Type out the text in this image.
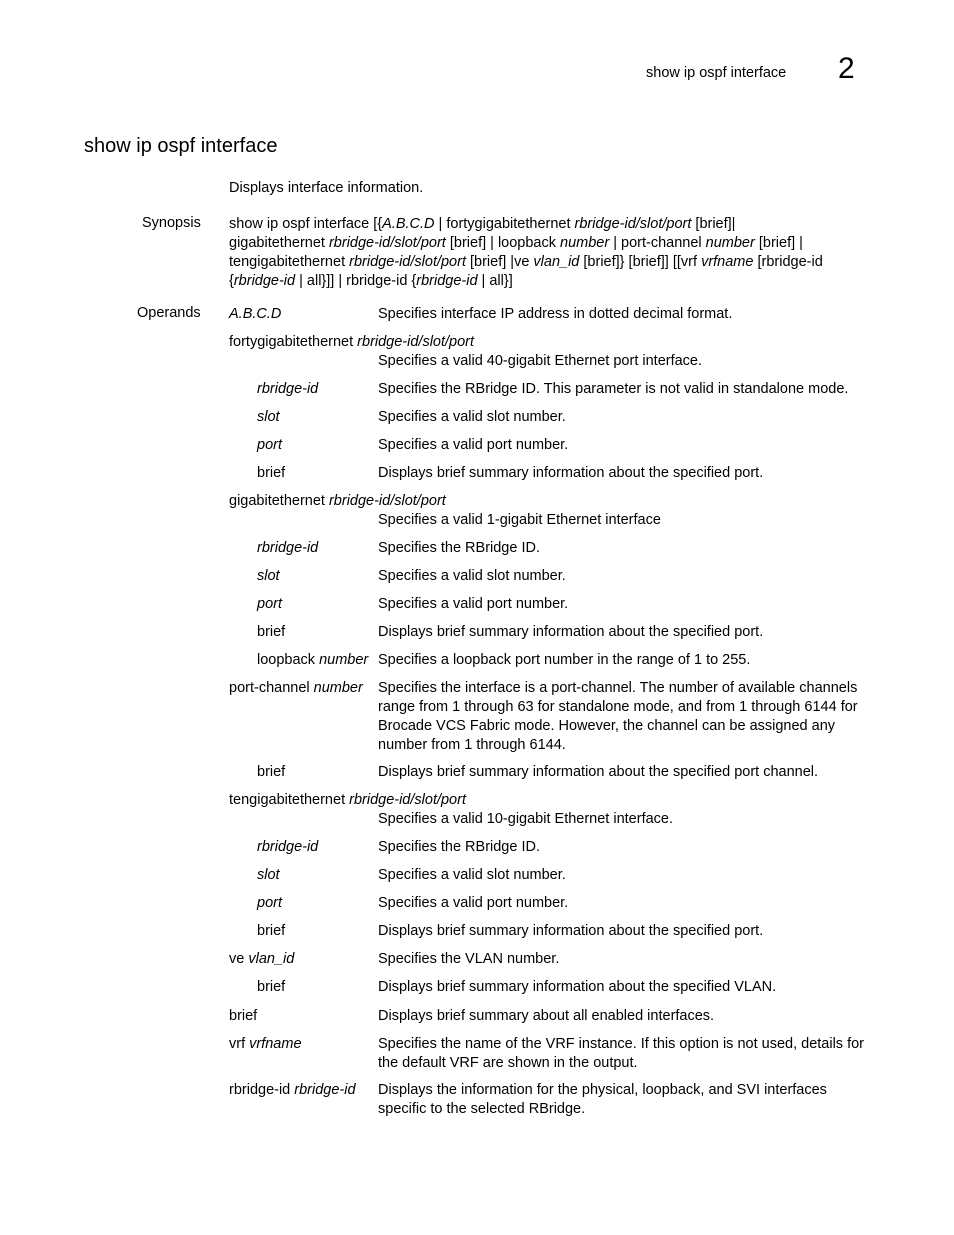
show ip ospf interface 2
show ip ospf interface
Displays interface information.
Synopsis show ip ospf interface [{A.B.C.D | fortygigabitethernet rbridge-id/slot/port [brief]|
gigabitethernet rbridge-id/slot/port [brief] | loopback number | port-channel number [brief] |
tengigabitethernet rbridge-id/slot/port [brief] |ve vlan_id [brief]} [brief]] [[vrf vrfname [rbridge-id
{rbridge-id | all}]] | rbridge-id {rbridge-id | all}]
Operands A.B.C.D	Specifies interface IP address in dotted decimal format.
fortygigabitethernet rbridge-id/slot/port
Specifies a valid 40-gigabit Ethernet port interface.
rbridge-id	Specifies the RBridge ID. This parameter is not valid in standalone mode.
slot	Specifies a valid slot number.
port	Specifies a valid port number.
brief	Displays brief summary information about the specified port.
gigabitethernet rbridge-id/slot/port
Specifies a valid 1-gigabit Ethernet interface
rbridge-id	Specifies the RBridge ID.
slot	Specifies a valid slot number.
port	Specifies a valid port number.
brief	Displays brief summary information about the specified port.
loopback number Specifies a loopback port number in the range of 1 to 255.
port-channel number Specifies the interface is a port-channel. The number of available channels range from 1 through 63 for standalone mode, and from 1 through 6144 for Brocade VCS Fabric mode. However, the channel can be assigned any number from 1 through 6144.
brief	Displays brief summary information about the specified port channel.
tengigabitethernet rbridge-id/slot/port
Specifies a valid 10-gigabit Ethernet interface.
rbridge-id	Specifies the RBridge ID.
slot	Specifies a valid slot number.
port	Specifies a valid port number.
brief	Displays brief summary information about the specified port.
ve vlan_id	Specifies the VLAN number.
brief	Displays brief summary information about the specified VLAN.
brief	Displays brief summary about all enabled interfaces.
vrf vrfname	Specifies the name of the VRF instance. If this option is not used, details for the default VRF are shown in the output.
rbridge-id rbridge-id Displays the information for the physical, loopback, and SVI interfaces specific to the selected RBridge.
